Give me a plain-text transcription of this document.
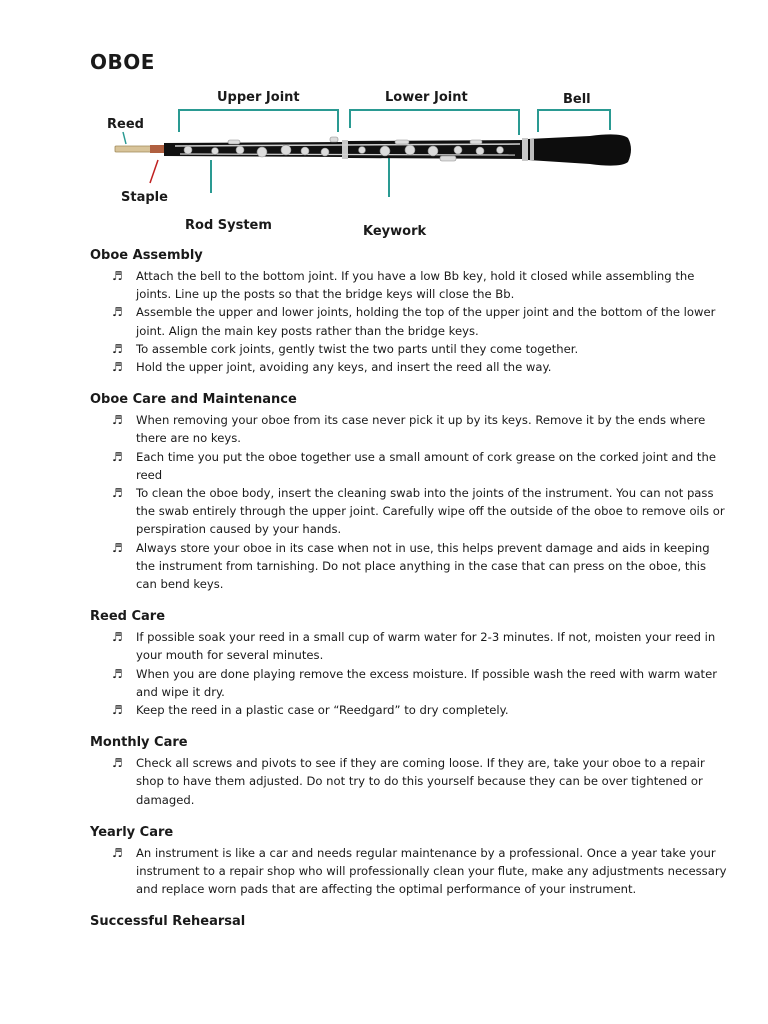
OBOE
Upper Joint	Lower Joint	Bell
Reed
Staple
Rod System	Keywork
Oboe Assembly
♬ Attach the bell to the bottom joint. If you have a low Bb key, hold it closed while assembling the joints. Line up the posts so that the bridge keys will close the Bb.
♬ Assemble the upper and lower joints, holding the top of the upper joint and the bottom of the lower joint. Align the main key posts rather than the bridge keys.
♬ To assemble cork joints, gently twist the two parts until they come together.
♬ Hold the upper joint, avoiding any keys, and insert the reed all the way.
Oboe Care and Maintenance
♬ When removing your oboe from its case never pick it up by its keys. Remove it by the ends where there are no keys.
♬ Each time you put the oboe together use a small amount of cork grease on the corked joint and the reed
♬ To clean the oboe body, insert the cleaning swab into the joints of the instrument. You can not pass the swab entirely through the upper joint. Carefully wipe off the outside of the oboe to remove oils or perspiration caused by your hands.
♬ Always store your oboe in its case when not in use, this helps prevent damage and aids in keeping the instrument from tarnishing. Do not place anything in the case that can press on the oboe, this can bend keys.
Reed Care
♬ If possible soak your reed in a small cup of warm water for 2-3 minutes. If not, moisten your reed in your mouth for several minutes.
♬ When you are done playing remove the excess moisture. If possible wash the reed with warm water and wipe it dry.
♬ Keep the reed in a plastic case or “Reedgard” to dry completely.
Monthly Care
♬ Check all screws and pivots to see if they are coming loose. If they are, take your oboe to a repair shop to have them adjusted. Do not try to do this yourself because they can be over tightened or damaged.
Yearly Care
♬ An instrument is like a car and needs regular maintenance by a professional. Once a year take your instrument to a repair shop who will professionally clean your flute, make any adjustments necessary and replace worn pads that are affecting the optimal performance of your instrument.
Successful Rehearsal
